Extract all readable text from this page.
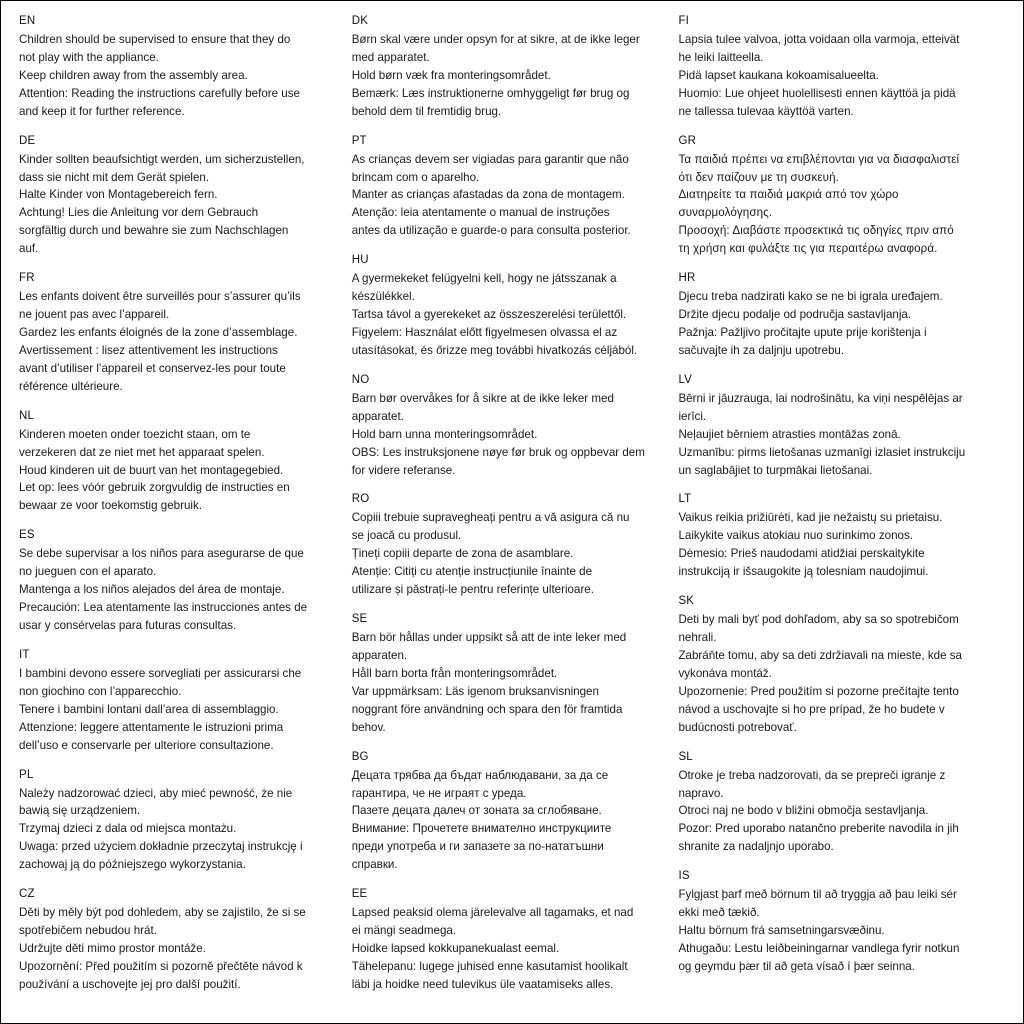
EN

Children should be supervised to ensure that they do

not play with the appliance.

Keep children away from the assembly area.

Attention: Reading the instructions carefully before use

and keep it for further reference.

DE

Kinder sollten beaufsichtigt werden, um sicherzustellen,

dass sie nicht mit dem Gerät spielen.

Halte Kinder von Montagebereich fern.

Achtung! Lies die Anleitung vor dem Gebrauch

sorgfältig durch und bewahre sie zum Nachschlagen

auf.

FR

Les enfants doivent être surveillés pour s’assurer qu’ils

ne jouent pas avec l’appareil.

Gardez les enfants éloignés de la zone d’assemblage.

Avertissement : lisez attentivement les instructions

avant d’utiliser l’appareil et conservez-les pour toute

référence ultérieure.

NL

Kinderen moeten onder toezicht staan, om te

verzekeren dat ze niet met het apparaat spelen.

Houd kinderen uit de buurt van het montagegebied.

Let op: lees vóór gebruik zorgvuldig de instructies en

bewaar ze voor toekomstig gebruik.

ES

Se debe supervisar a los niños para asegurarse de que

no jueguen con el aparato.

Mantenga a los niños alejados del área de montaje.

Precaución: Lea atentamente las instrucciones antes de

usar y consérvelas para futuras consultas.

IT

I bambini devono essere sorvegliati per assicurarsi che

non giochino con l’apparecchio.

Tenere i bambini lontani dall’area di assemblaggio.

Attenzione: leggere attentamente le istruzioni prima

dell’uso e conservarle per ulteriore consultazione.

PL

Należy nadzorować dzieci, aby mieć pewność, że nie

bawią się urządzeniem.

Trzymaj dzieci z dala od miejsca montażu.

Uwaga: przed użyciem dokładnie przeczytaj instrukcję i

zachowaj ją do późniejszego wykorzystania.

CZ

Děti by měly být pod dohledem, aby se zajistilo, že si se

spotřebičem nebudou hrát.

Udržujte děti mimo prostor montáže.

Upozornění: Před použitím si pozorně přečtěte návod k

používání a uschovejte jej pro další použití.

DK

Børn skal være under opsyn for at sikre, at de ikke leger

med apparatet.

Hold børn væk fra monteringsområdet.

Bemærk: Læs instruktionerne omhyggeligt før brug og

behold dem til fremtidig brug.

PT

As crianças devem ser vigiadas para garantir que não

brincam com o aparelho.

Manter as crianças afastadas da zona de montagem.

Atenção: leia atentamente o manual de instruções

antes da utilização e guarde-o para consulta posterior.

HU

A gyermekeket felügyelni kell, hogy ne játsszanak a

készülékkel.

Tartsa távol a gyerekeket az összeszerelési területtől.

Figyelem: Használat előtt figyelmesen olvassa el az

utasításokat, és őrizze meg további hivatkozás céljából.

NO

Barn bør overvåkes for å sikre at de ikke leker med

apparatet.

Hold barn unna monteringsområdet.

OBS: Les instruksjonene nøye før bruk og oppbevar dem

for videre referanse.

RO

Copiii trebuie supravegheați pentru a vă asigura că nu

se joacă cu produsul.

Țineți copiii departe de zona de asamblare.

Atenție: Citiți cu atenție instrucțiunile înainte de

utilizare și păstrați-le pentru referințe ulterioare.

SE

Barn bör hållas under uppsikt så att de inte leker med

apparaten.

Håll barn borta från monteringsområdet.

Var uppmärksam: Läs igenom bruksanvisningen

noggrant före användning och spara den för framtida

behov.

BG

Децата трябва да бъдат наблюдавани, за да се

гарантира, че не играят с уреда.

Пазете децата далеч от зоната за сглобяване.

Внимание: Прочетете внимателно инструкциите

преди употреба и ги запазете за по-нататъшни

справки.

EE

Lapsed peaksid olema järelevalve all tagamaks, et nad

ei mängi seadmega.

Hoidke lapsed kokkupanekualast eemal.

Tähelepanu: lugege juhised enne kasutamist hoolikalt

läbi ja hoidke need tulevikus üle vaatamiseks alles.

FI

Lapsia tulee valvoa, jotta voidaan olla varmoja, etteivät

he leiki laitteella.

Pidä lapset kaukana kokoamisalueelta.

Huomio: Lue ohjeet huolellisesti ennen käyttöä ja pidä

ne tallessa tulevaa käyttöä varten.

GR

Τα παιδιά πρέπει να επιβλέπονται για να διασφαλιστεί

ότι δεν παίζουν με τη συσκευή.

Διατηρείτε τα παιδιά μακριά από τον χώρο

συναρμολόγησης.

Προσοχή: Διαβάστε προσεκτικά τις οδηγίες πριν από

τη χρήση και φυλάξτε τις για περαιτέρω αναφορά.

HR

Djecu treba nadzirati kako se ne bi igrala uređajem.

Držite djecu podalje od područja sastavljanja.

Pažnja: Pažljivo pročitajte upute prije korištenja i

sačuvajte ih za daljnju upotrebu.

LV

Bērni ir jāuzrauga, lai nodrošinātu, ka viņi nespēlējas ar

ierīci.

Neļaujiet bērniem atrasties montāžas zonā.

Uzmanību: pirms lietošanas uzmanīgi izlasiet instrukciju

un saglabājiet to turpmākai lietošanai.

LT

Vaikus reikia prižiūrėti, kad jie nežaistų su prietaisu.

Laikykite vaikus atokiau nuo surinkimo zonos.

Dėmesio: Prieš naudodami atidžiai perskaitykite

instrukciją ir išsaugokite ją tolesniam naudojimui.

SK

Deti by mali byť pod dohľadom, aby sa so spotrebičom

nehrali.

Zabráňte tomu, aby sa deti zdržiavali na mieste, kde sa

vykonáva montáž.

Upozornenie: Pred použitím si pozorne prečítajte tento

návod a uschovajte si ho pre prípad, že ho budete v

budúcnosti potrebovať.

SL

Otroke je treba nadzorovati, da se prepreči igranje z

napravo.

Otroci naj ne bodo v bližini območja sestavljanja.

Pozor: Pred uporabo natančno preberite navodila in jih

shranite za nadaljnjo uporabo.

IS

Fylgjast þarf með börnum til að tryggja að þau leiki sér

ekki með tækið.

Haltu börnum frá samsetningarsvæðinu.

Athugaðu: Lestu leiðbeiningarnar vandlega fyrir notkun

og geymdu þær til að geta vísað í þær seinna.
